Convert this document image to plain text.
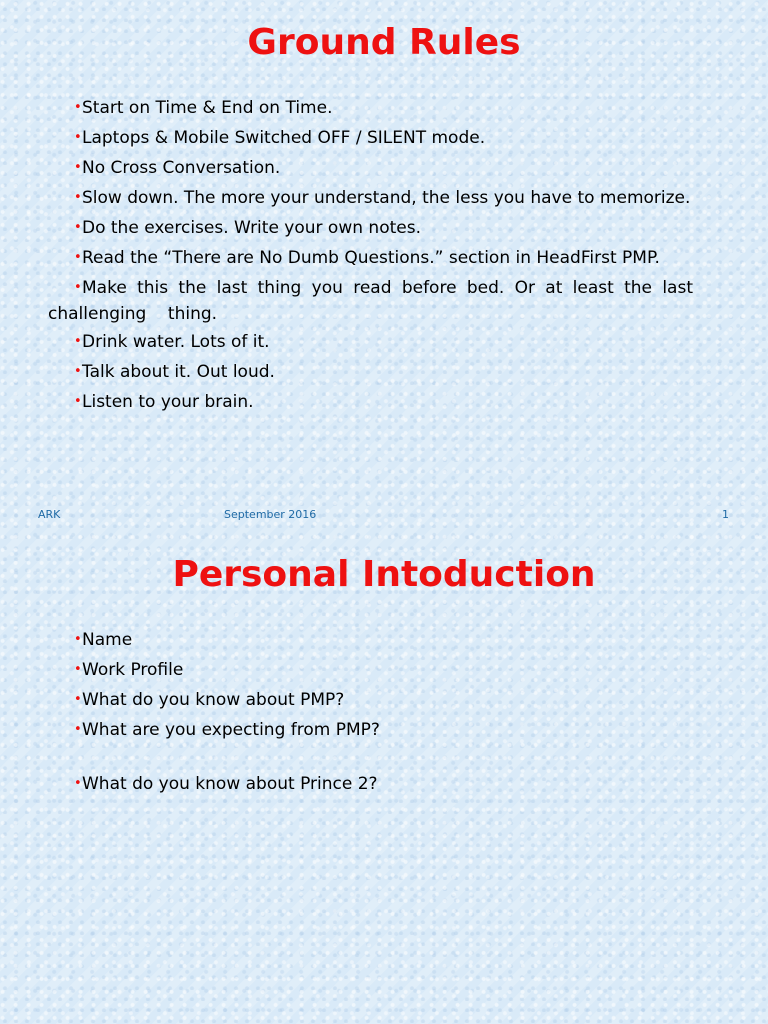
Ground Rules
•Start on Time & End on Time.
•Laptops & Mobile Switched OFF / SILENT mode.
•No Cross Conversation.
•Slow down. The more your understand, the less you have to memorize.
•Do the exercises. Write your own notes.
•Read the “There are No Dumb Questions.” section in HeadFirst PMP.
•Make this the last thing you read before bed. Or at least the last challenging    thing.
•Drink water. Lots of it.
•Talk about it. Out loud.
•Listen to your brain.
ARK	September 2016	1
Personal Intoduction
•Name
•Work Profile
•What do you know about PMP?
•What are you expecting from PMP?
•What do you know about Prince 2?
